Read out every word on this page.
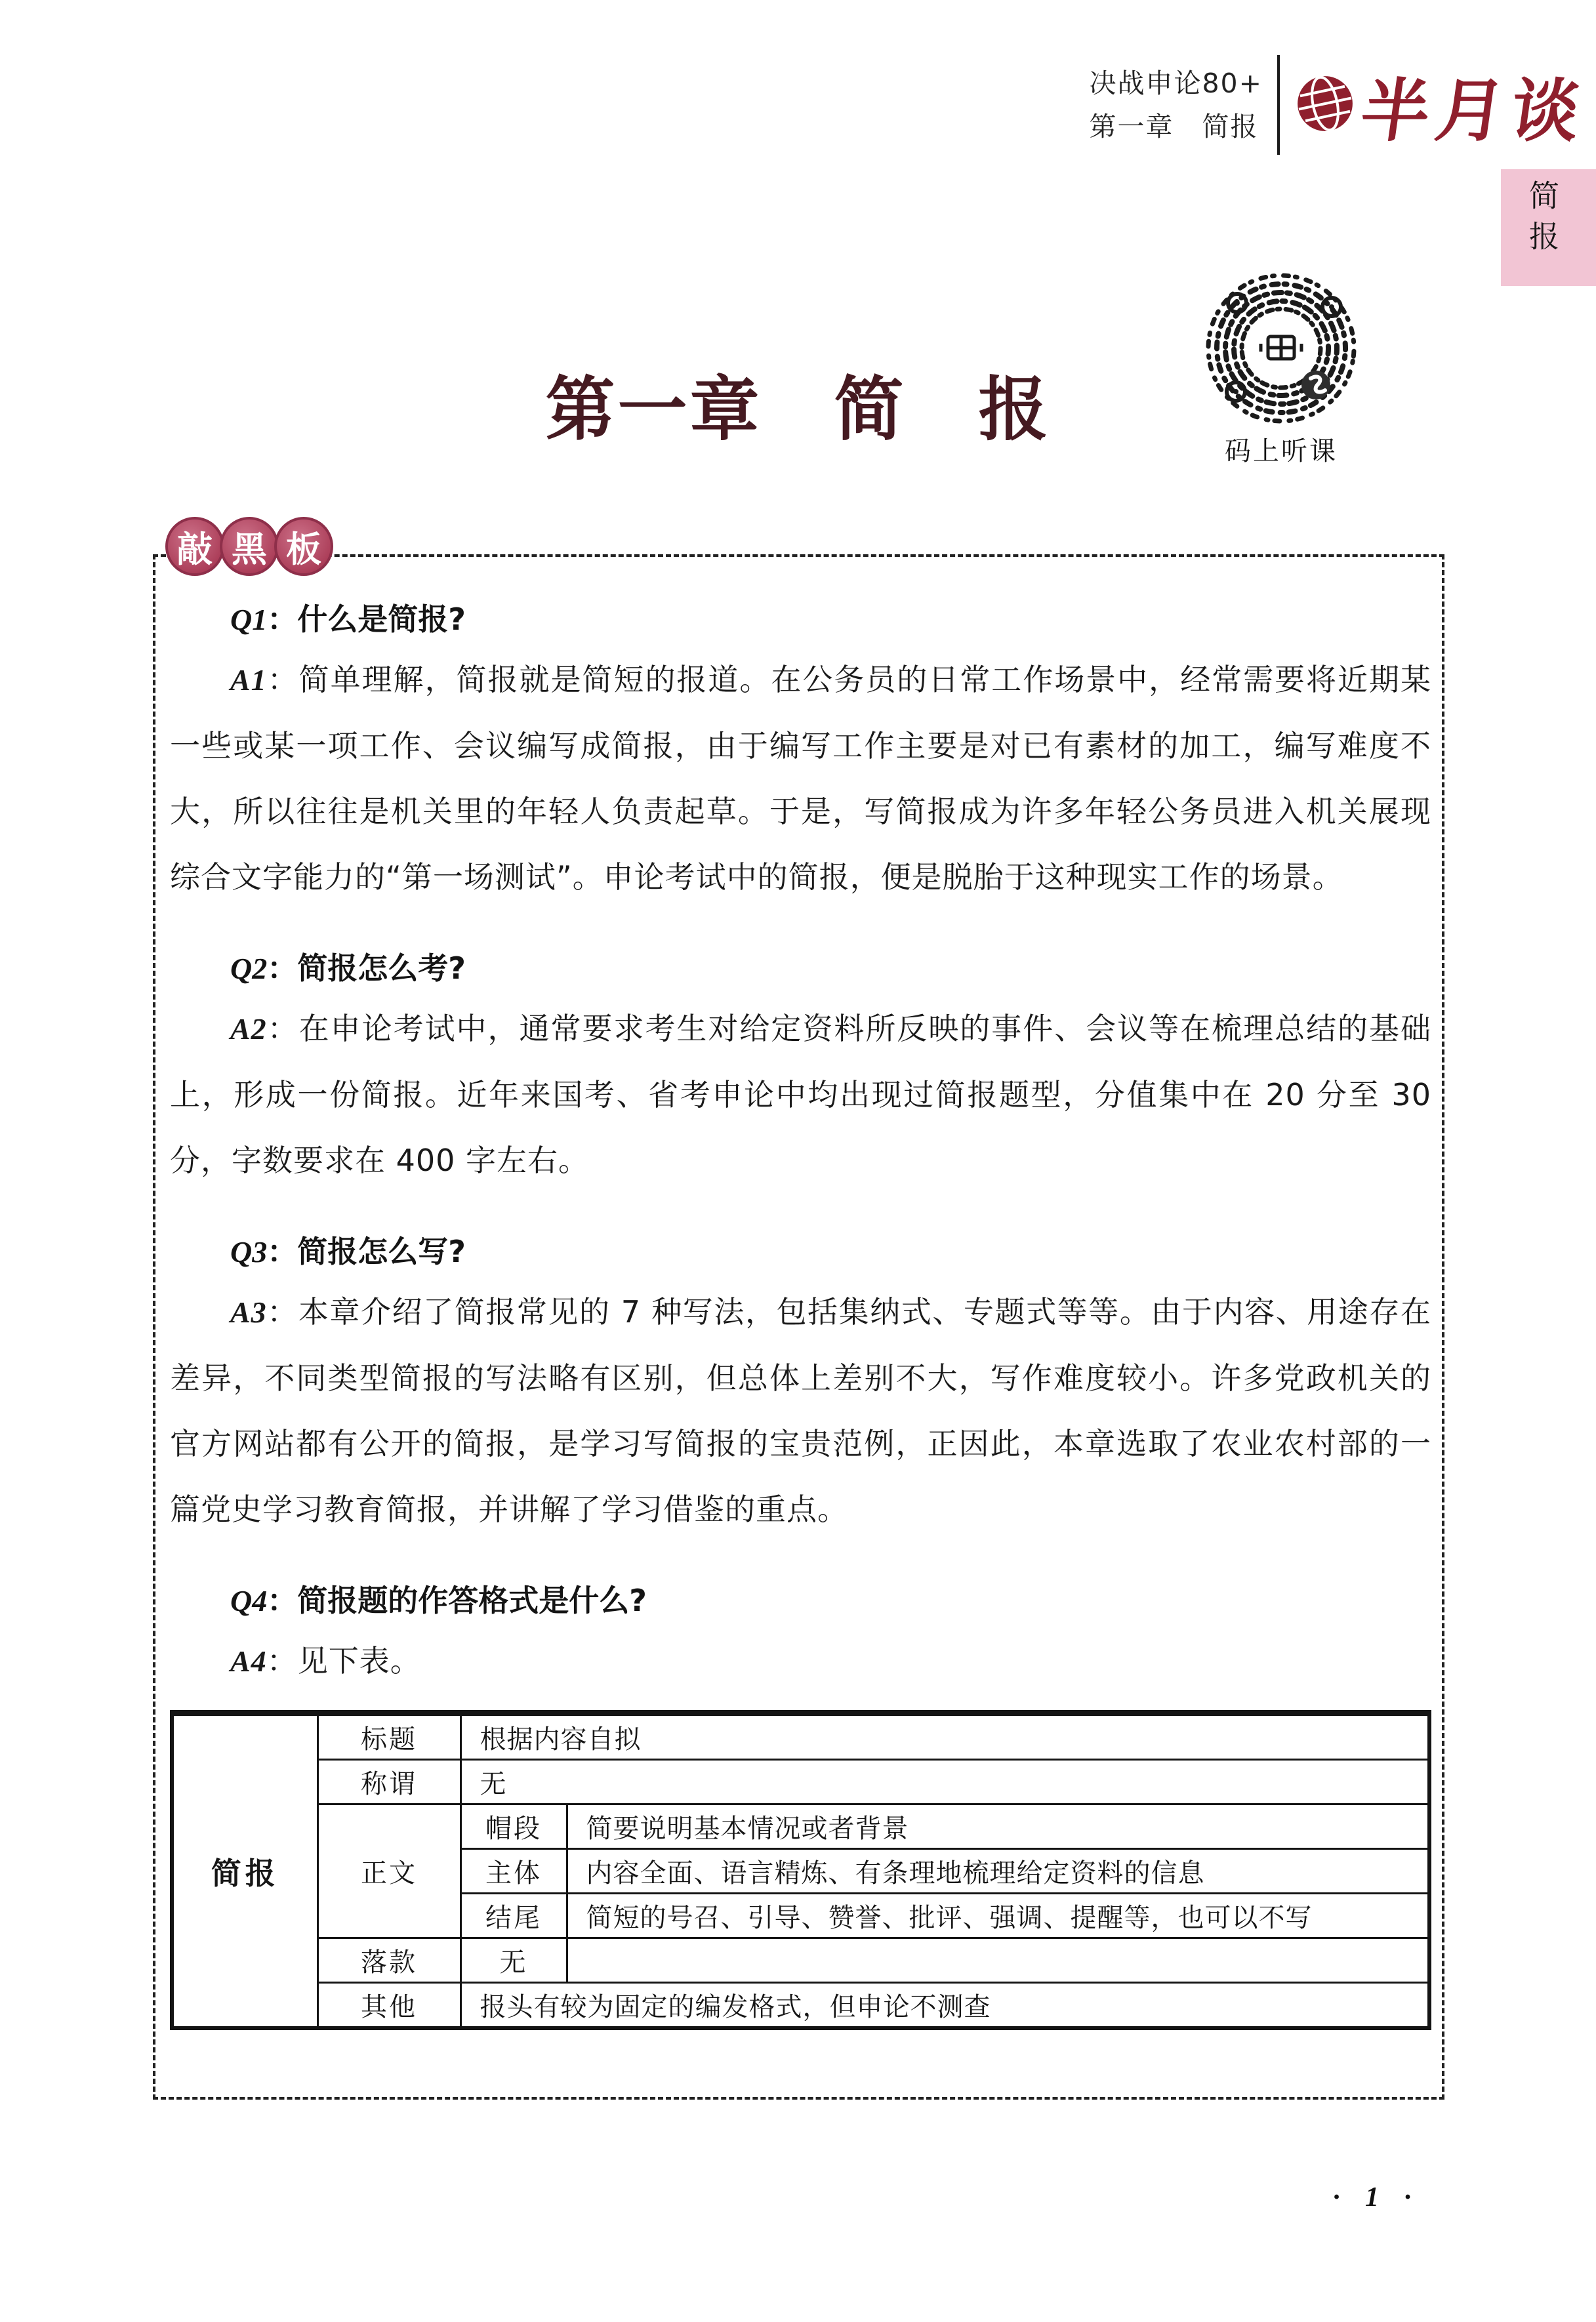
决战申论80+
第一章　简报 半月谈
简报
第一章　简　报
码上听课
敲 黑 板
Q1：什么是简报?

A1：简单理解，简报就是简短的报道。在公务员的日常工作场景中，经常需要将近期某一些或某一项工作、会议编写成简报，由于编写工作主要是对已有素材的加工，编写难度不大，所以往往是机关里的年轻人负责起草。于是，写简报成为许多年轻公务员进入机关展现综合文字能力的“第一场测试”。申论考试中的简报，便是脱胎于这种现实工作的场景。

Q2：简报怎么考?

A2：在申论考试中，通常要求考生对给定资料所反映的事件、会议等在梳理总结的基础上，形成一份简报。近年来国考、省考申论中均出现过简报题型，分值集中在 20 分至 30 分，字数要求在 400 字左右。

Q3：简报怎么写?

A3：本章介绍了简报常见的 7 种写法，包括集纳式、专题式等等。由于内容、用途存在差异，不同类型简报的写法略有区别，但总体上差别不大，写作难度较小。许多党政机关的官方网站都有公开的简报，是学习写简报的宝贵范例，正因此，本章选取了农业农村部的一篇党史学习教育简报，并讲解了学习借鉴的重点。

Q4：简报题的作答格式是什么?

A4：见下表。

简报	标题	根据内容自拟	
	称谓	无	
	正文	帽段	简要说明基本情况或者背景
		主体	内容全面、语言精炼、有条理地梳理给定资料的信息
		结尾	简短的号召、引导、赞誉、批评、强调、提醒等，也可以不写
	落款	无	
	其他	报头有较为固定的编发格式，但申论不测查	
· 1 ·
